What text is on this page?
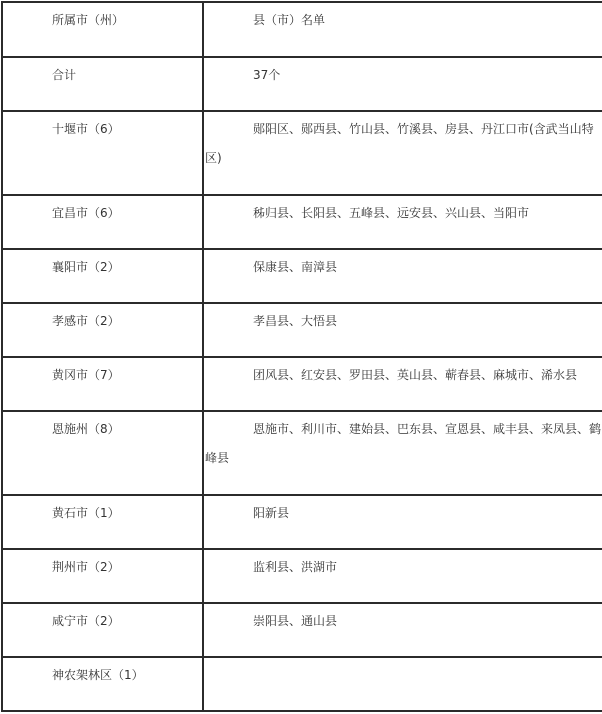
所属市（州）	县（市）名单
合计	37个
十堰市（6）	郧阳区、郧西县、竹山县、竹溪县、房县、丹江口市(含武当山特区)
宜昌市（6）	秭归县、长阳县、五峰县、远安县、兴山县、当阳市
襄阳市（2）	保康县、南漳县
孝感市（2）	孝昌县、大悟县
黄冈市（7）	团风县、红安县、罗田县、英山县、蕲春县、麻城市、浠水县
恩施州（8）	恩施市、利川市、建始县、巴东县、宣恩县、咸丰县、来凤县、鹤峰县
黄石市（1）	阳新县
荆州市（2）	监利县、洪湖市
咸宁市（2）	崇阳县、通山县
神农架林区（1）	
